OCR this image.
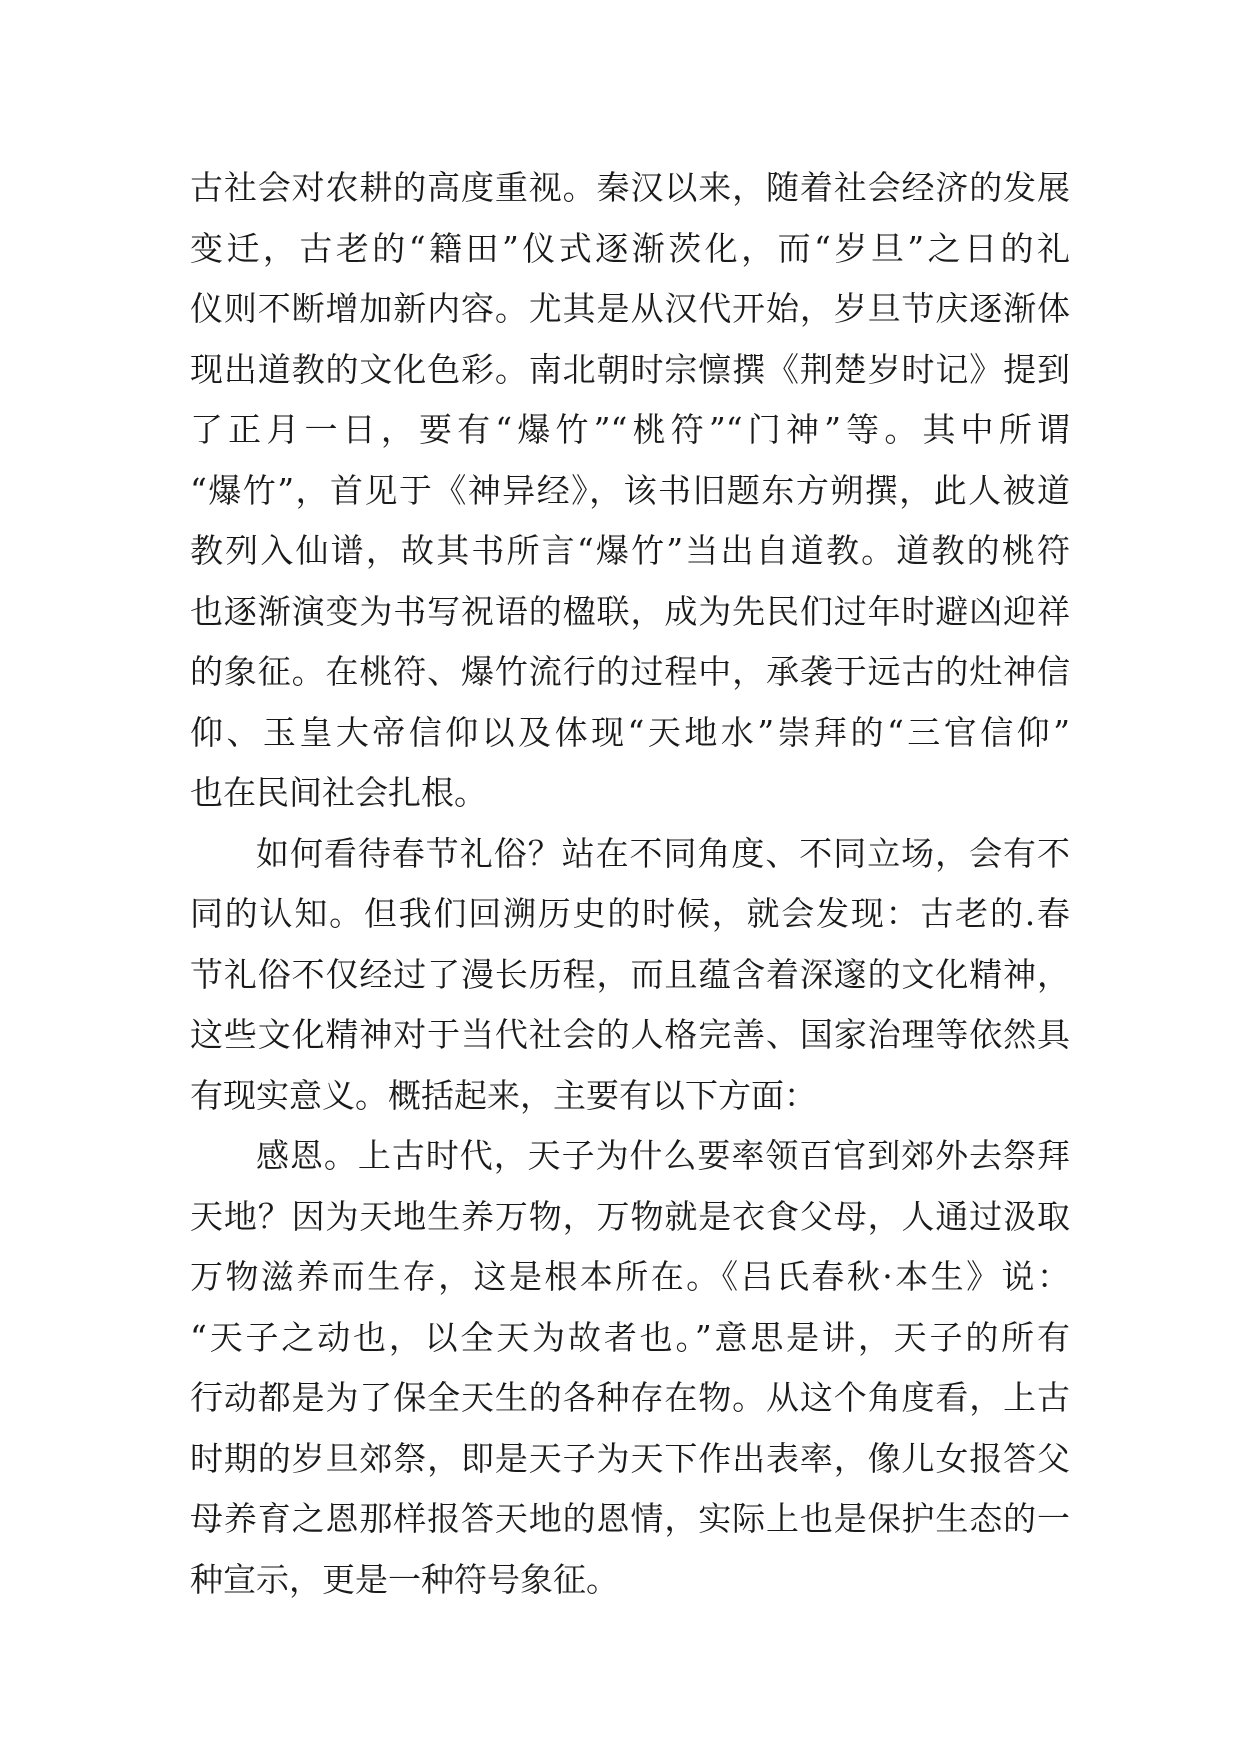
古社会对农耕的高度重视。秦汉以来，随着社会经济的发展
变迁，古老的“籍田”仪式逐渐茨化，而“岁旦”之日的礼
仪则不断增加新内容。尤其是从汉代开始，岁旦节庆逐渐体
现出道教的文化色彩。南北朝时宗懔撰《荆楚岁时记》提到
了正月一日，要有“爆竹”“桃符”“门神”等。其中所谓
“爆竹”，首见于《神异经》，该书旧题东方朔撰，此人被道
教列入仙谱，故其书所言“爆竹”当出自道教。道教的桃符
也逐渐演变为书写祝语的楹联，成为先民们过年时避凶迎祥
的象征。在桃符、爆竹流行的过程中，承袭于远古的灶神信
仰、玉皇大帝信仰以及体现“天地水”崇拜的“三官信仰”
也在民间社会扎根。
如何看待春节礼俗？站在不同角度、不同立场，会有不
同的认知。但我们回溯历史的时候，就会发现：古老的.春
节礼俗不仅经过了漫长历程，而且蕴含着深邃的文化精神，
这些文化精神对于当代社会的人格完善、国家治理等依然具
有现实意义。概括起来，主要有以下方面：
感恩。上古时代，天子为什么要率领百官到郊外去祭拜
天地？因为天地生养万物，万物就是衣食父母，人通过汲取
万物滋养而生存，这是根本所在。《吕氏春秋·本生》说：
“天子之动也，以全天为故者也。”意思是讲，天子的所有
行动都是为了保全天生的各种存在物。从这个角度看，上古
时期的岁旦郊祭，即是天子为天下作出表率，像儿女报答父
母养育之恩那样报答天地的恩情，实际上也是保护生态的一
种宣示，更是一种符号象征。
